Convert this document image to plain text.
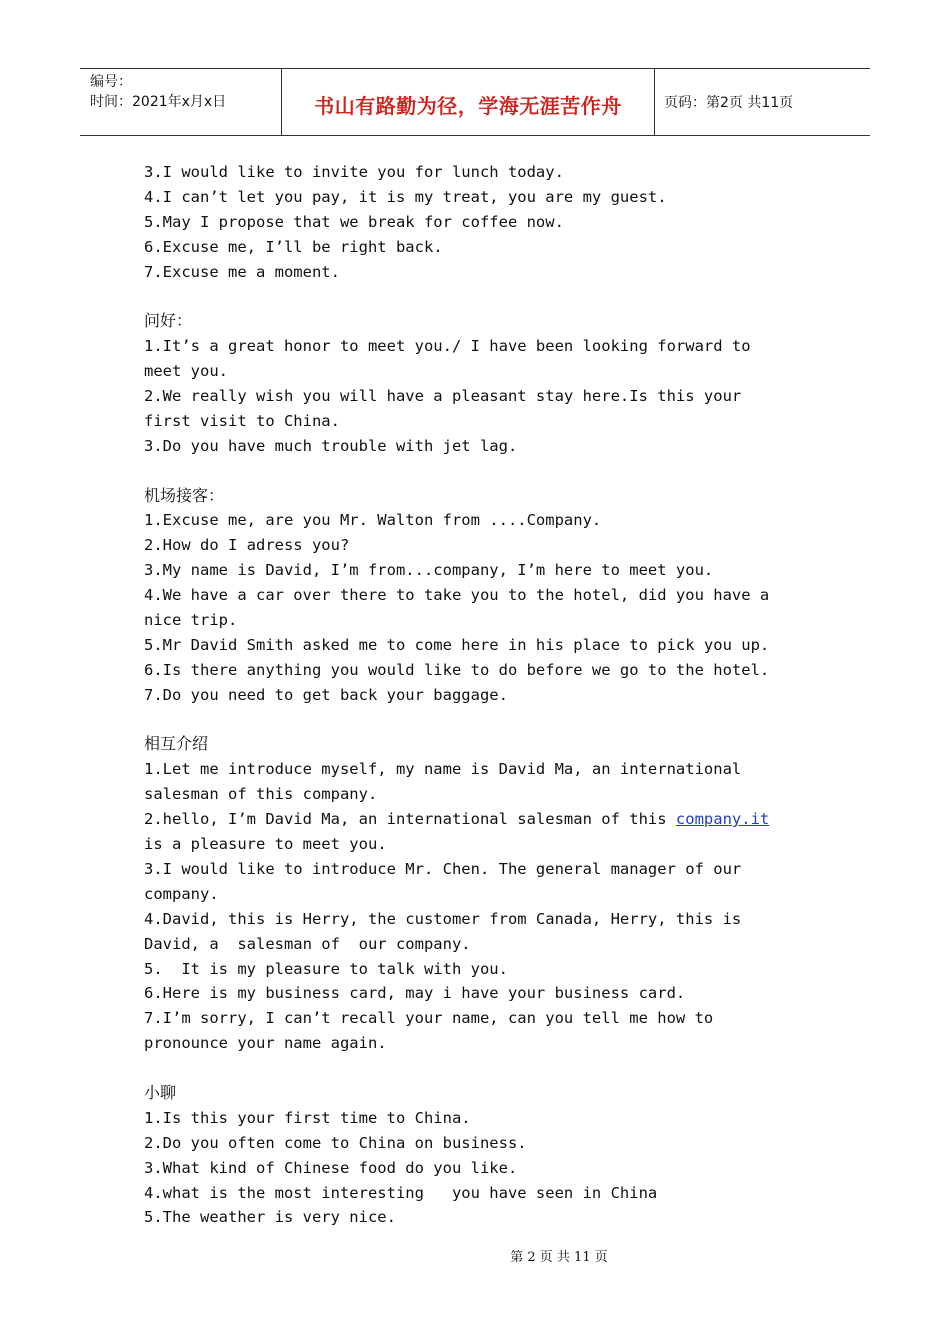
编号：
时间：2021年x月x日	书山有路勤为径，学海无涯苦作舟	页码：第2页 共11页
3.I would like to invite you for lunch today.
4.I can’t let you pay, it is my treat, you are my guest.
5.May I propose that we break for coffee now.
6.Excuse me, I’ll be right back.
7.Excuse me a moment.
问好：
1.It’s a great honor to meet you./ I have been looking forward to
meet you.
2.We really wish you will have a pleasant stay here.Is this your
first visit to China.
3.Do you have much trouble with jet lag.
机场接客：
1.Excuse me, are you Mr. Walton from ....Company.
2.How do I adress you?
3.My name is David, I’m from...company, I’m here to meet you.
4.We have a car over there to take you to the hotel, did you have a
nice trip.
5.Mr David Smith asked me to come here in his place to pick you up.
6.Is there anything you would like to do before we go to the hotel.
7.Do you need to get back your baggage.
相互介绍
1.Let me introduce myself, my name is David Ma, an international
salesman of this company.
2.hello, I’m David Ma, an international salesman of this company.it
is a pleasure to meet you.
3.I would like to introduce Mr. Chen. The general manager of our
company.
4.David, this is Herry, the customer from Canada, Herry, this is
David, a  salesman of  our company.
5.  It is my pleasure to talk with you.
6.Here is my business card, may i have your business card.
7.I’m sorry, I can’t recall your name, can you tell me how to
pronounce your name again.
小聊
1.Is this your first time to China.
2.Do you often come to China on business.
3.What kind of Chinese food do you like.
4.what is the most interesting   you have seen in China
5.The weather is very nice.
第 2 页 共 11 页
